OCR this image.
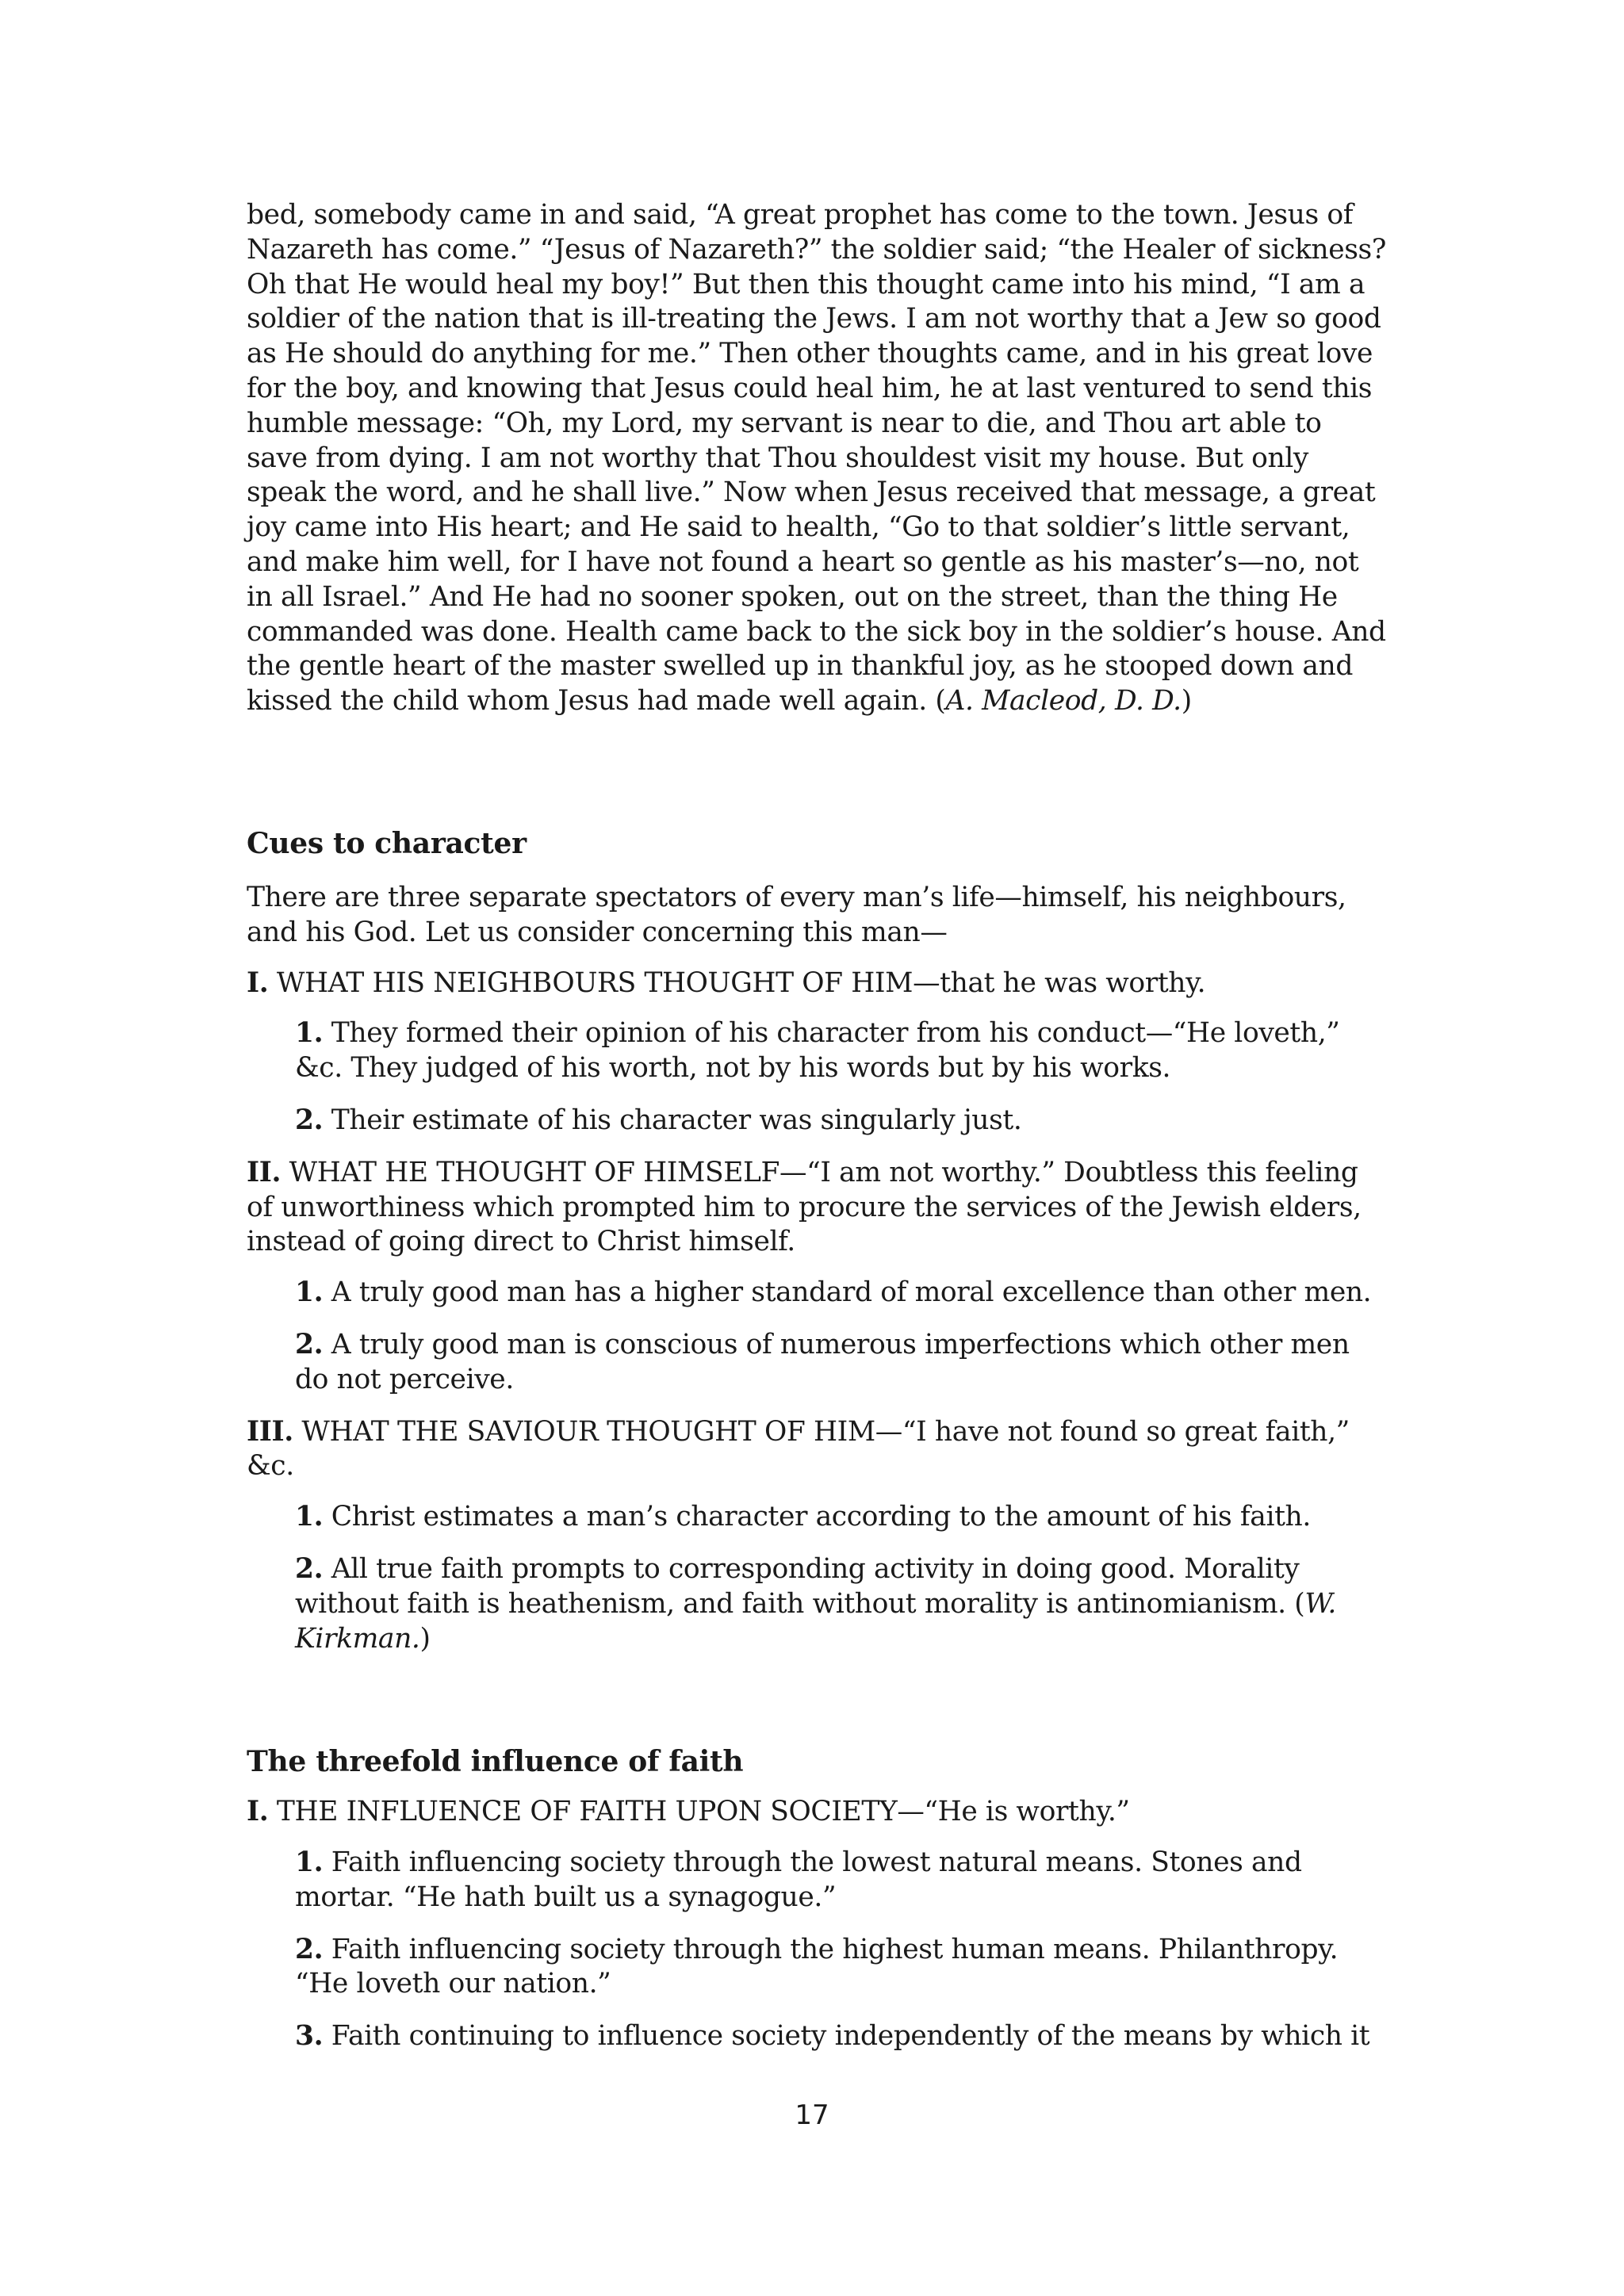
bed, somebody came in and said, “A great prophet has come to the town. Jesus of Nazareth has come.” “Jesus of Nazareth?” the soldier said; “the Healer of sickness? Oh that He would heal my boy!” But then this thought came into his mind, “I am a soldier of the nation that is ill-treating the Jews. I am not worthy that a Jew so good as He should do anything for me.” Then other thoughts came, and in his great love for the boy, and knowing that Jesus could heal him, he at last ventured to send this humble message: “Oh, my Lord, my servant is near to die, and Thou art able to save from dying. I am not worthy that Thou shouldest visit my house. But only speak the word, and he shall live.” Now when Jesus received that message, a great joy came into His heart; and He said to health, “Go to that soldier’s little servant, and make him well, for I have not found a heart so gentle as his master’s—no, not in all Israel.” And He had no sooner spoken, out on the street, than the thing He commanded was done. Health came back to the sick boy in the soldier’s house. And the gentle heart of the master swelled up in thankful joy, as he stooped down and kissed the child whom Jesus had made well again. (A. Macleod, D. D.)

Cues to character

There are three separate spectators of every man’s life—himself, his neighbours, and his God. Let us consider concerning this man—

I. WHAT HIS NEIGHBOURS THOUGHT OF HIM—that he was worthy.

1. They formed their opinion of his character from his conduct—“He loveth,” &c. They judged of his worth, not by his words but by his works.

2. Their estimate of his character was singularly just.

II. WHAT HE THOUGHT OF HIMSELF—“I am not worthy.” Doubtless this feeling of unworthiness which prompted him to procure the services of the Jewish elders, instead of going direct to Christ himself.

1. A truly good man has a higher standard of moral excellence than other men.

2. A truly good man is conscious of numerous imperfections which other men do not perceive.

III. WHAT THE SAVIOUR THOUGHT OF HIM—“I have not found so great faith,” &c.

1. Christ estimates a man’s character according to the amount of his faith.

2. All true faith prompts to corresponding activity in doing good. Morality without faith is heathenism, and faith without morality is antinomianism. (W. Kirkman.)

The threefold influence of faith

I. THE INFLUENCE OF FAITH UPON SOCIETY—“He is worthy.”

1. Faith influencing society through the lowest natural means. Stones and mortar. “He hath built us a synagogue.”

2. Faith influencing society through the highest human means. Philanthropy. “He loveth our nation.”

3. Faith continuing to influence society independently of the means by which it

17
